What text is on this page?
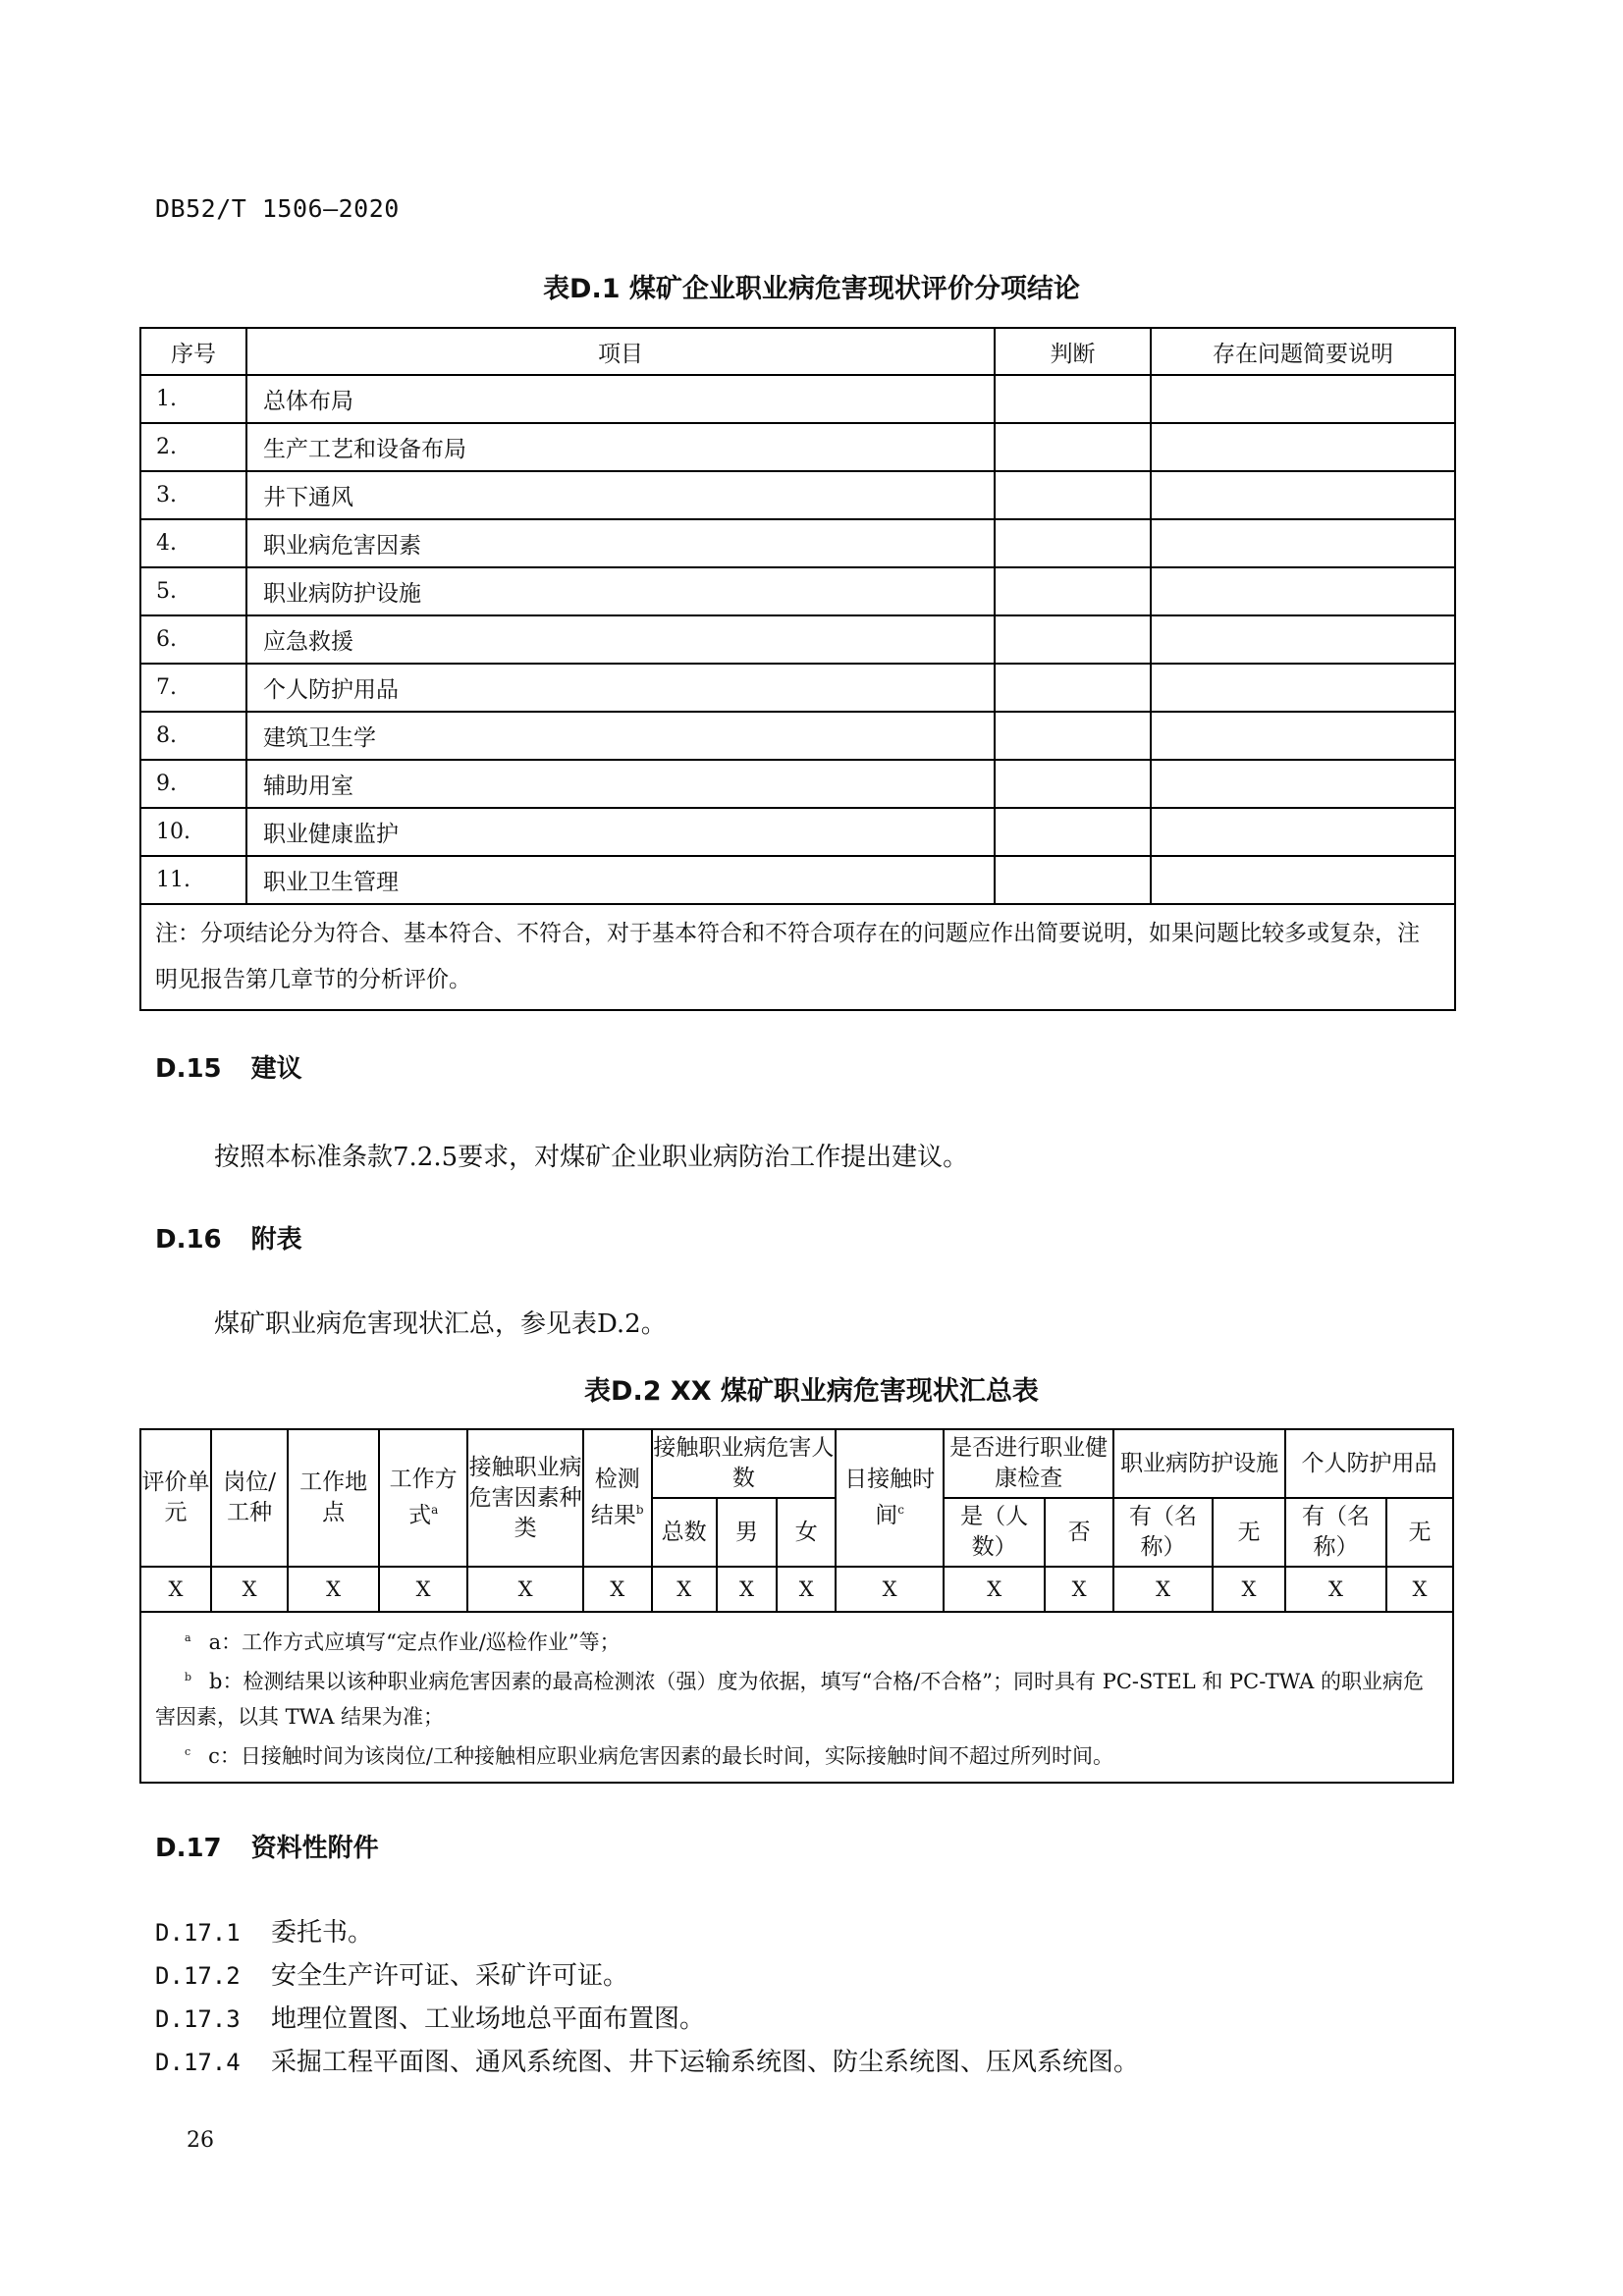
DB52/T 1506—2020
表D.1 煤矿企业职业病危害现状评价分项结论
序号	项目	判断	存在问题简要说明
1.	总体布局		
2.	生产工艺和设备布局		
3.	井下通风		
4.	职业病危害因素		
5.	职业病防护设施		
6.	应急救援		
7.	个人防护用品		
8.	建筑卫生学		
9.	辅助用室		
10.	职业健康监护		
11.	职业卫生管理		
注：分项结论分为符合、基本符合、不符合，对于基本符合和不符合项存在的问题应作出简要说明，如果问题比较多或复杂，注明见报告第几章节的分析评价。			
D.15 建议
按照本标准条款7.2.5要求，对煤矿企业职业病防治工作提出建议。
D.16 附表
煤矿职业病危害现状汇总，参见表D.2。
表D.2 XX 煤矿职业病危害现状汇总表
评价单元	岗位/工种	工作地点	工作方式$^a$	接触职业病危害因素种类	检测结果$^b$	接触职业病危害人数			日接触时间$^c$	是否进行职业健康检查		职业病防护设施		个人防护用品	
						总数	男	女		是（人数）	否	有（名称）	无	有（名称）	无
X	X	X	X	X	X	X	X	X	X	X	X	X	X	X	X

$^a$ a：工作方式应填写“定点作业/巡检作业”等；
$^b$ b：检测结果以该种职业病危害因素的最高检测浓（强）度为依据，填写“合格/不合格”；同时具有 PC-STEL 和 PC-TWA 的职业病危害因素，以其 TWA 结果为准；
$^c$ c：日接触时间为该岗位/工种接触相应职业病危害因素的最长时间，实际接触时间不超过所列时间。															
D.17 资料性附件
D.17.1 委托书。
D.17.2 安全生产许可证、采矿许可证。
D.17.3 地理位置图、工业场地总平面布置图。
D.17.4 采掘工程平面图、通风系统图、井下运输系统图、防尘系统图、压风系统图。
26
